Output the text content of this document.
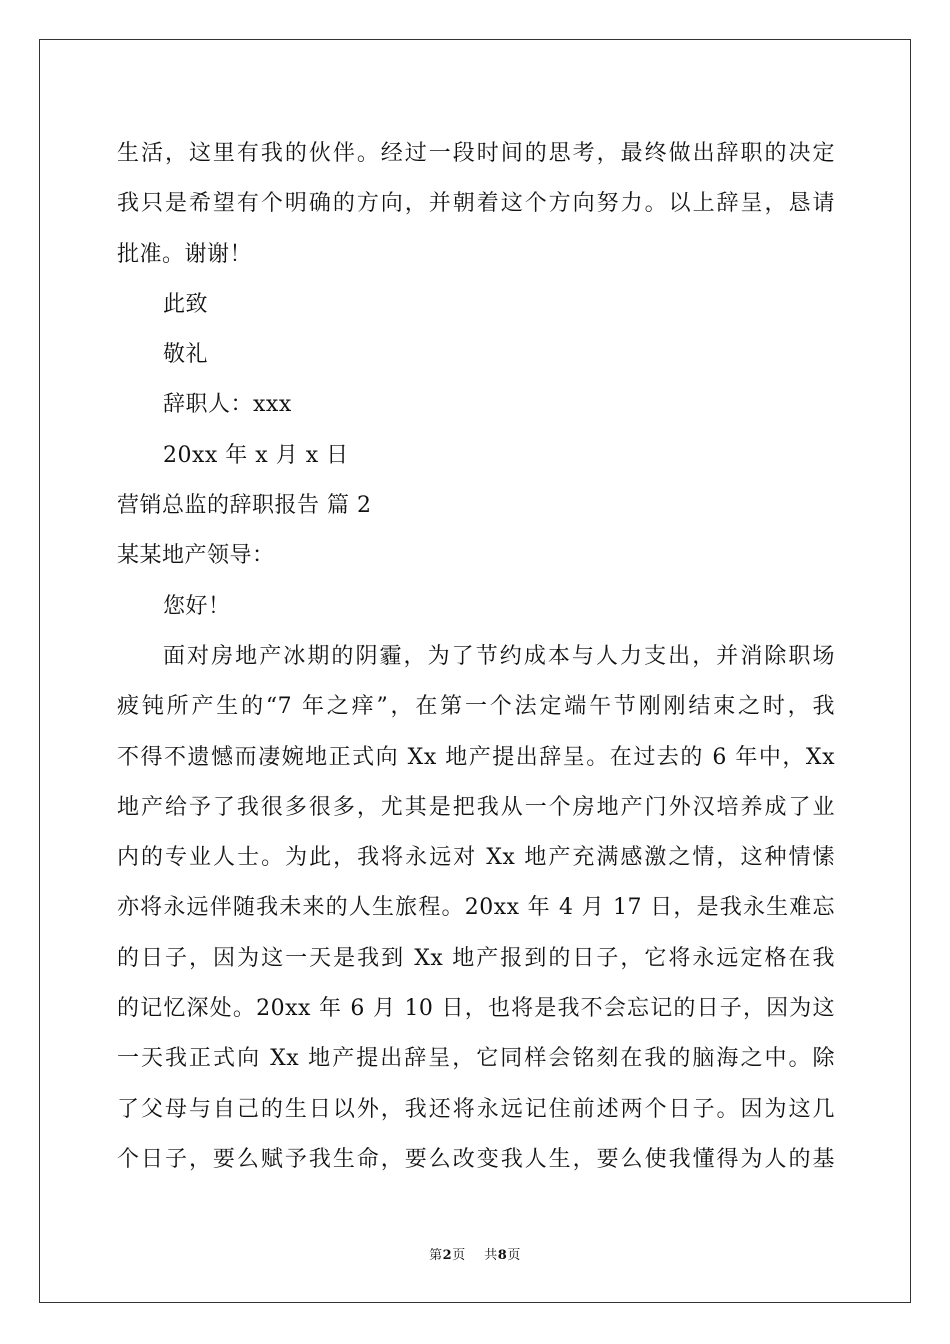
生活，这里有我的伙伴。经过一段时间的思考，最终做出辞职的决定
我只是希望有个明确的方向，并朝着这个方向努力。以上辞呈，恳请
批准。谢谢！
此致
敬礼
辞职人：xxx
20xx 年 x 月 x 日
营销总监的辞职报告 篇 2
某某地产领导：
您好！
面对房地产冰期的阴霾，为了节约成本与人力支出，并消除职场
疲钝所产生的“7 年之痒”，在第一个法定端午节刚刚结束之时，我
不得不遗憾而凄婉地正式向 Xx 地产提出辞呈。在过去的 6 年中，Xx
地产给予了我很多很多，尤其是把我从一个房地产门外汉培养成了业
内的专业人士。为此，我将永远对 Xx 地产充满感激之情，这种情愫
亦将永远伴随我未来的人生旅程。20xx 年 4 月 17 日，是我永生难忘
的日子，因为这一天是我到 Xx 地产报到的日子，它将永远定格在我
的记忆深处。20xx 年 6 月 10 日，也将是我不会忘记的日子，因为这
一天我正式向 Xx 地产提出辞呈，它同样会铭刻在我的脑海之中。除
了父母与自己的生日以外，我还将永远记住前述两个日子。因为这几
个日子，要么赋予我生命，要么改变我人生，要么使我懂得为人的基
第2页 共8页
